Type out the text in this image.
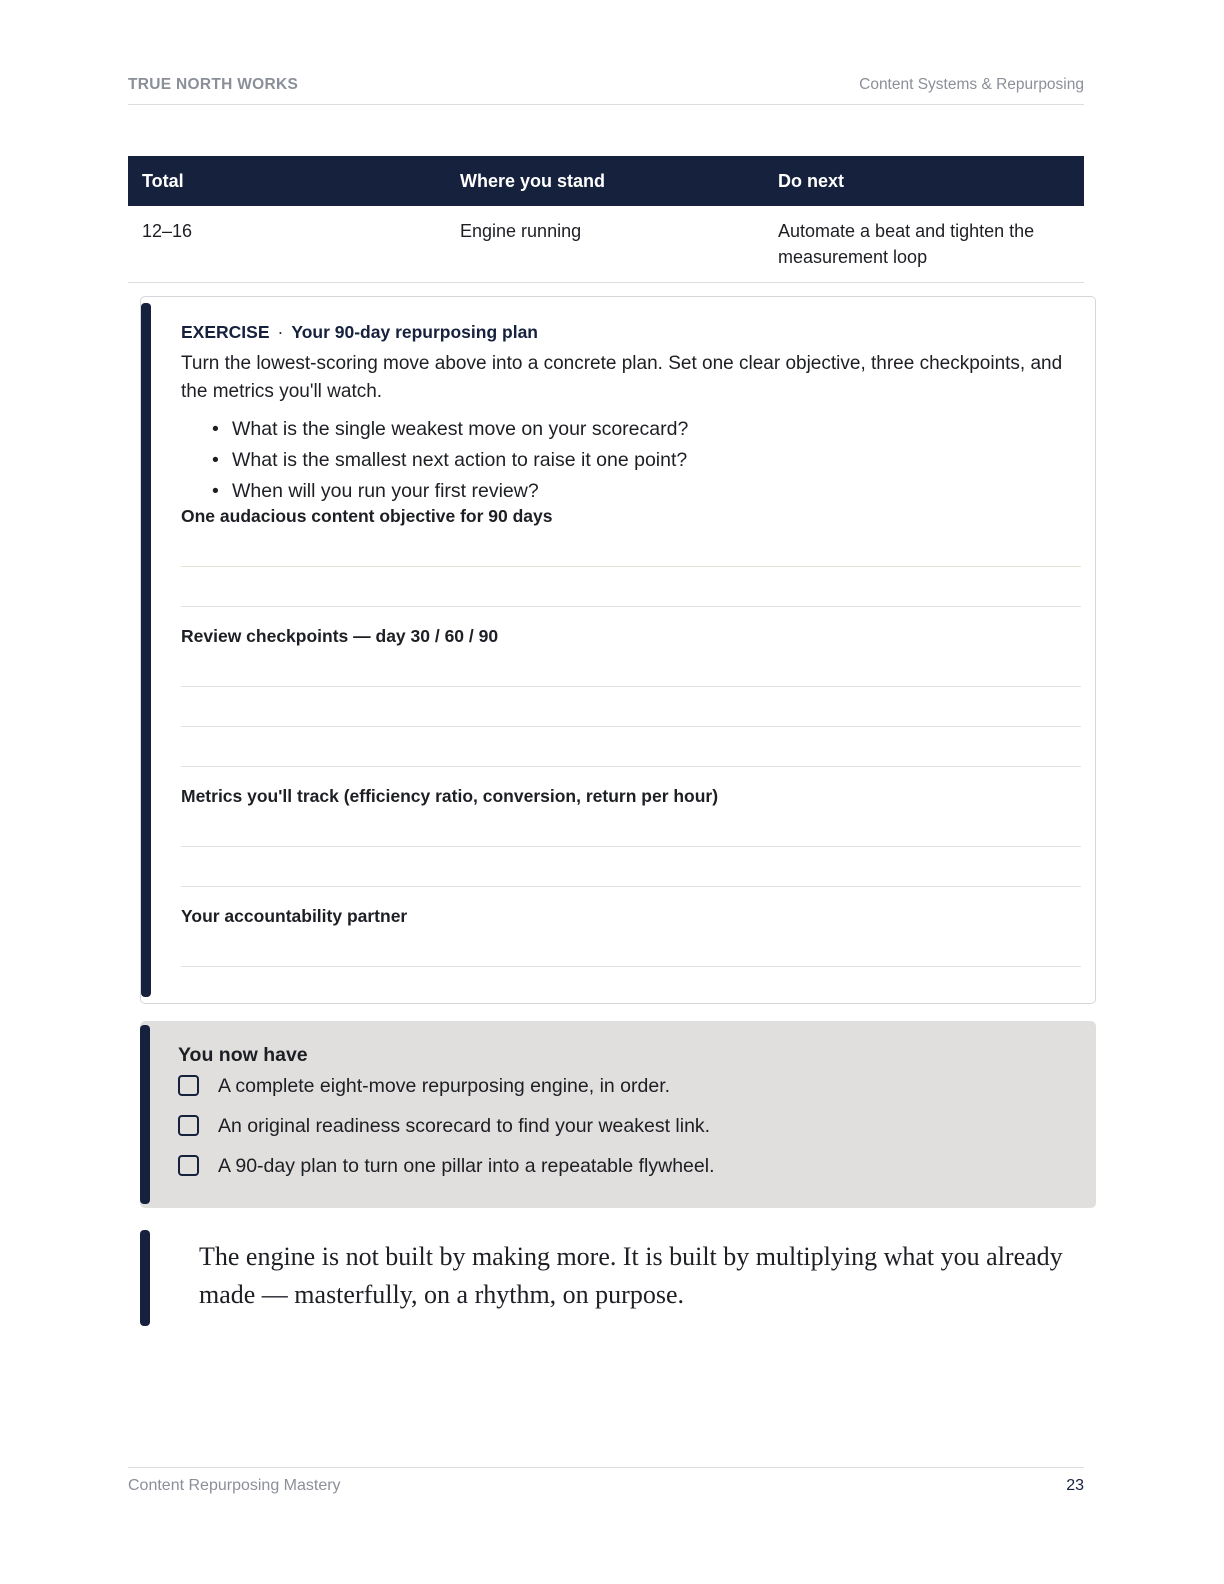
TRUE NORTH WORKS	Content Systems & Repurposing
Total	Where you stand	Do next
12–16	Engine running	Automate a beat and tighten the measurement loop
EXERCISE · Your 90-day repurposing plan

Turn the lowest-scoring move above into a concrete plan. Set one clear objective, three checkpoints, and the metrics you'll watch.

• What is the single weakest move on your scorecard?
• What is the smallest next action to raise it one point?
• When will you run your first review?
One audacious content objective for 90 days
Review checkpoints — day 30 / 60 / 90
Metrics you'll track (efficiency ratio, conversion, return per hour)
Your accountability partner
You now have
A complete eight-move repurposing engine, in order.
An original readiness scorecard to find your weakest link.
A 90-day plan to turn one pillar into a repeatable flywheel.

The engine is not built by making more. It is built by multiplying what you already made — masterfully, on a rhythm, on purpose.

Content Repurposing Mastery	23
